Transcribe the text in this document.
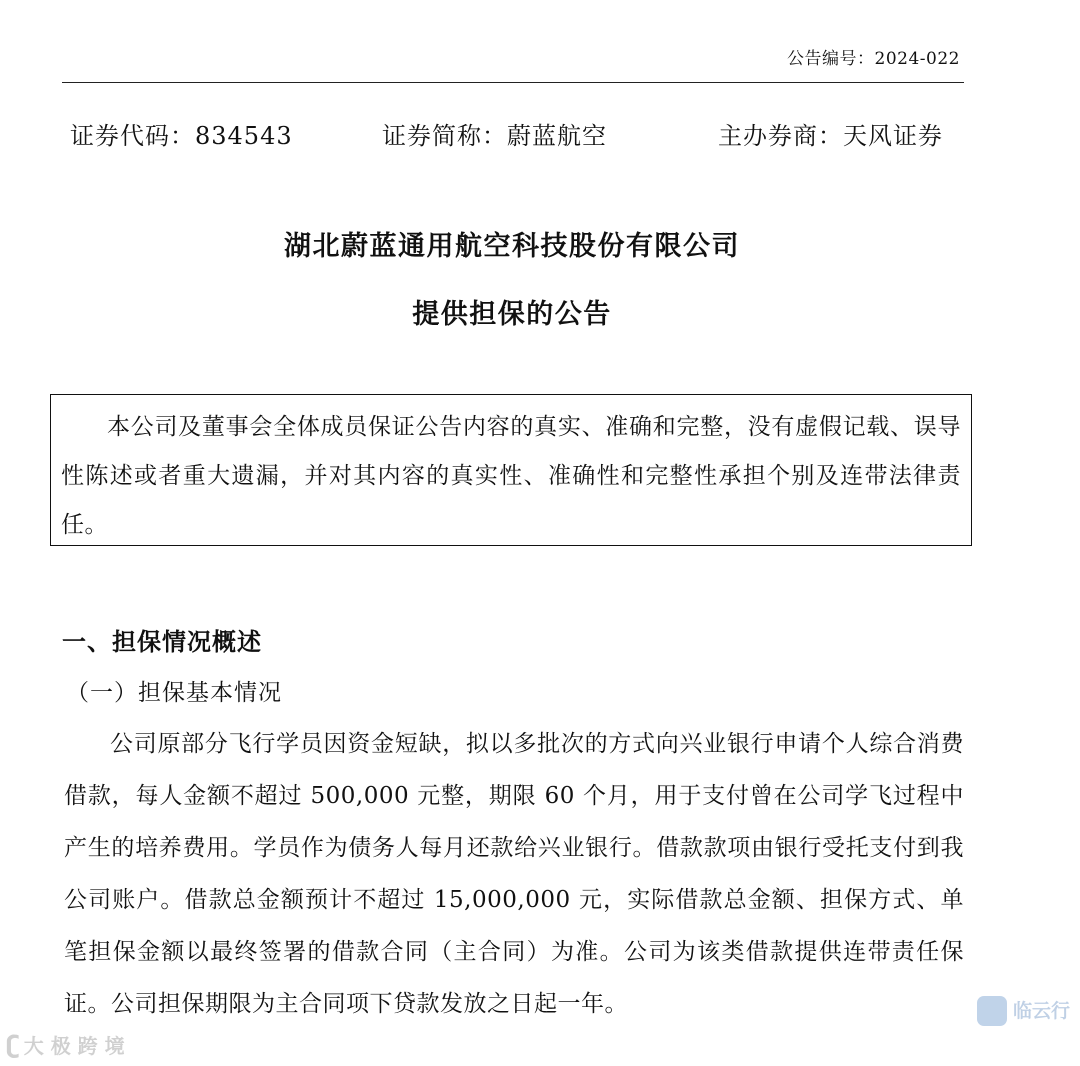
公告编号：2024-022
证券代码：834543	证券简称：蔚蓝航空	主办券商：天风证券
湖北蔚蓝通用航空科技股份有限公司
提供担保的公告

本公司及董事会全体成员保证公告内容的真实、准确和完整，没有虚假记载、误导性陈述或者重大遗漏，并对其内容的真实性、准确性和完整性承担个别及连带法律责任。

一、担保情况概述
（一）担保基本情况

公司原部分飞行学员因资金短缺，拟以多批次的方式向兴业银行申请个人综合消费借款，每人金额不超过 500,000 元整，期限 60 个月，用于支付曾在公司学飞过程中产生的培养费用。学员作为债务人每月还款给兴业银行。借款款项由银行受托支付到我公司账户。借款总金额预计不超过 15,000,000 元，实际借款总金额、担保方式、单笔担保金额以最终签署的借款合同（主合同）为准。公司为该类借款提供连带责任保证。公司担保期限为主合同项下贷款发放之日起一年。

ʗ 大 极 跨 境
临云行
